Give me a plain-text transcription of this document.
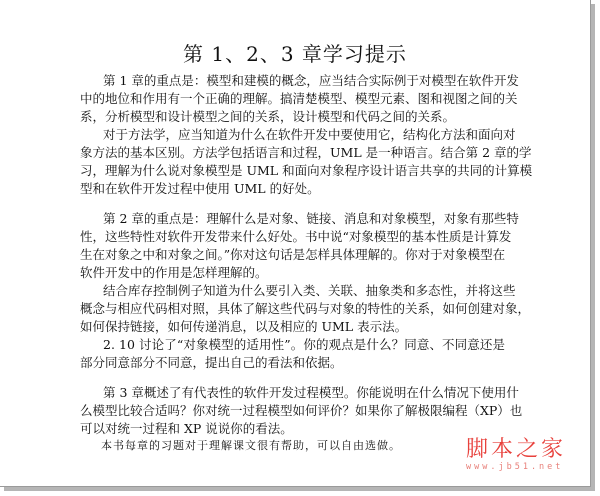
第 1、2、3 章学习提示
第 1 章的重点是：模型和建模的概念，应当结合实际例于对模型在软件开发
中的地位和作用有一个正确的理解。搞清楚模型、模型元素、图和视图之间的关
系，分析模型和设计模型之间的关系，设计模型和代码之间的关系。
对于方法学，应当知道为什么在软件开发中要使用它，结构化方法和面向对
象方法的基本区别。方法学包括语言和过程，UML 是一种语言。结合第 2 章的学
习，理解为什么说对象模型是 UML 和面向对象程序设计语言共享的共同的计算模
型和在软件开发过程中使用 UML 的好处。
第 2 章的重点是：理解什么是对象、链接、消息和对象模型，对象有那些特
性，这些特性对软件开发带来什么好处。书中说“对象模型的基本性质是计算发
生在对象之中和对象之间。”你对这句话是怎样具体理解的。你对于对象模型在
软件开发中的作用是怎样理解的。
结合库存控制例子知道为什么要引入类、关联、抽象类和多态性，并将这些
概念与相应代码相对照，具体了解这些代码与对象的特性的关系，如何创建对象，
如何保持链接，如何传递消息，以及相应的 UML 表示法。
2. 10 讨论了“对象模型的适用性”。你的观点是什么？同意、不同意还是
部分同意部分不同意，提出自己的看法和依据。
第 3 章概述了有代表性的软件开发过程模型。你能说明在什么情况下使用什
么模型比较合适吗？你对统一过程模型如何评价？如果你了解极限编程（XP）也
可以对统一过程和 XP 说说你的看法。
本书每章的习题对于理解课文很有帮助，可以自由选做。	脚本之家
www.jb51.net
